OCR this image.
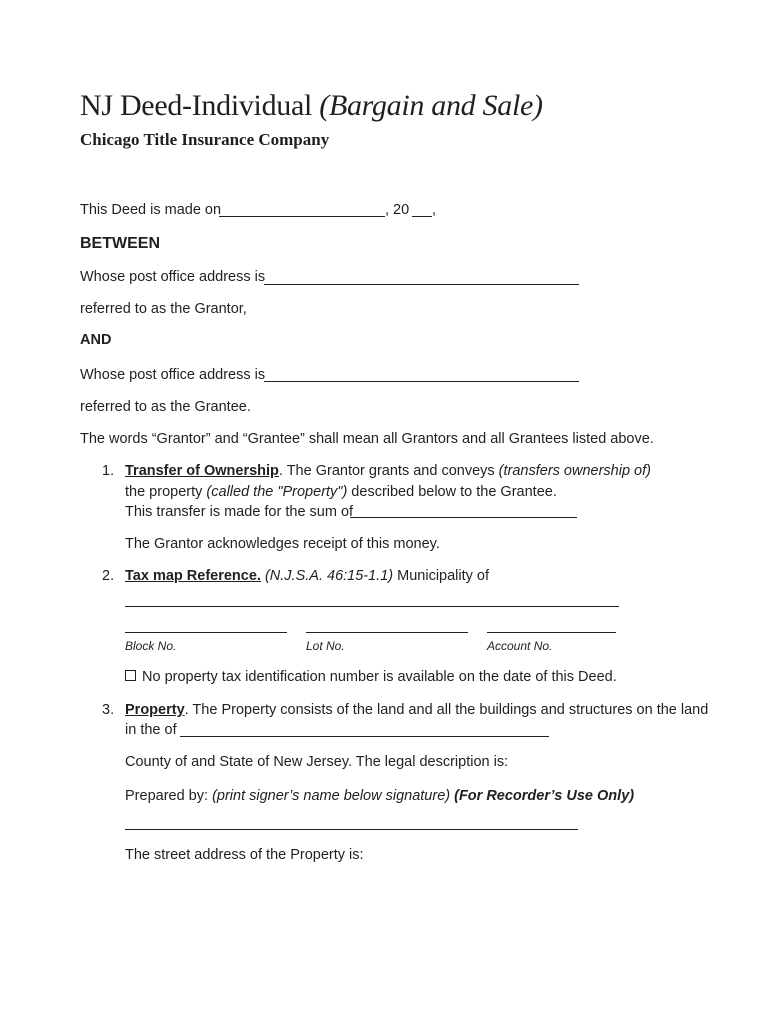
NJ Deed-Individual (Bargain and Sale)
Chicago Title Insurance Company
This Deed is made on	, 20 ,
BETWEEN
Whose post office address is
referred to as the Grantor,
AND
Whose post office address is
referred to as the Grantee.
The words “Grantor” and “Grantee” shall mean all Grantors and all Grantees listed above.
1. Transfer of Ownership. The Grantor grants and conveys (transfers ownership of)
the property (called the "Property") described below to the Grantee.
This transfer is made for the sum of
The Grantor acknowledges receipt of this money.
2. Tax map Reference. (N.J.S.A. 46:15-1.1) Municipality of
Block No.	Lot No.	Account No.
No property tax identification number is available on the date of this Deed.
3. Property. The Property consists of the land and all the buildings and structures on the land
in the of
County of and State of New Jersey. The legal description is:
Prepared by: (print signer’s name below signature) (For Recorder’s Use Only)
The street address of the Property is:
